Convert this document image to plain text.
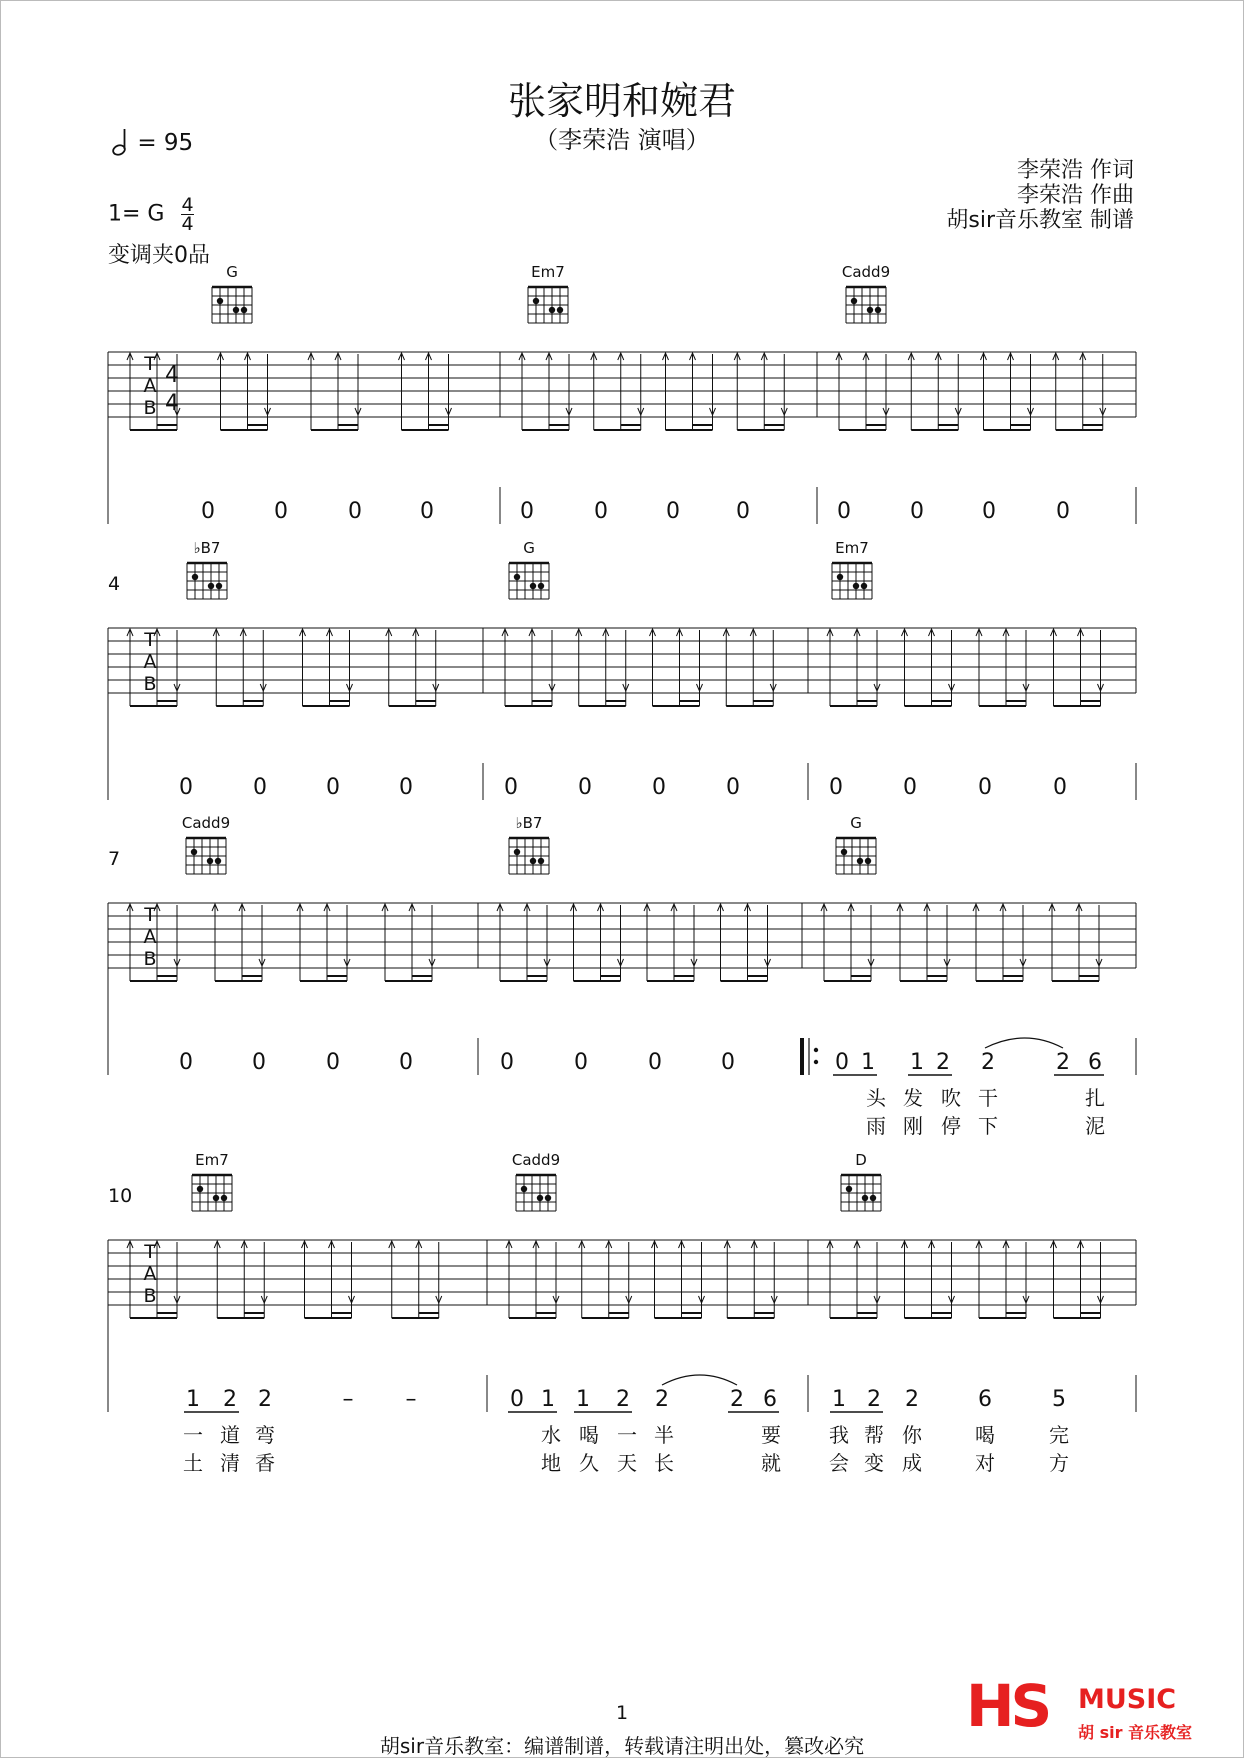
张家明和婉君
（李荣浩 演唱）
= 95
1= G $\frac{4}{4}$
变调夹0品
李荣浩 作词
李荣浩 作曲
胡sir音乐教室 制谱
T
A
B
4
4
G	Em7	Cadd9
0	0	0	0	0	0	0	0	0	0	0	0
4
T
A
B
♭B7	G	Em7
0	0	0	0	0	0	0	0	0	0	0	0
7
T
A
B
Cadd9	♭B7	G
0	0	0	0	0	0	0	0	0 1 1 2 2	2 6
头 发 吹 干	扎
雨 刚 停 下	泥
10
T
A
B
Em7	Cadd9	D
1 2 2	– –	0 1 1 2 2	2 6	1 2 2	6	5
一 道 弯	水 喝 一 半	要 我 帮 你	喝	完
土 清 香	地 久 天 长	就 会 变 成	对	方
1
胡sir音乐教室：编谱制谱，转载请注明出处，篡改必究
HS MUSIC
胡 sir 音乐教室
